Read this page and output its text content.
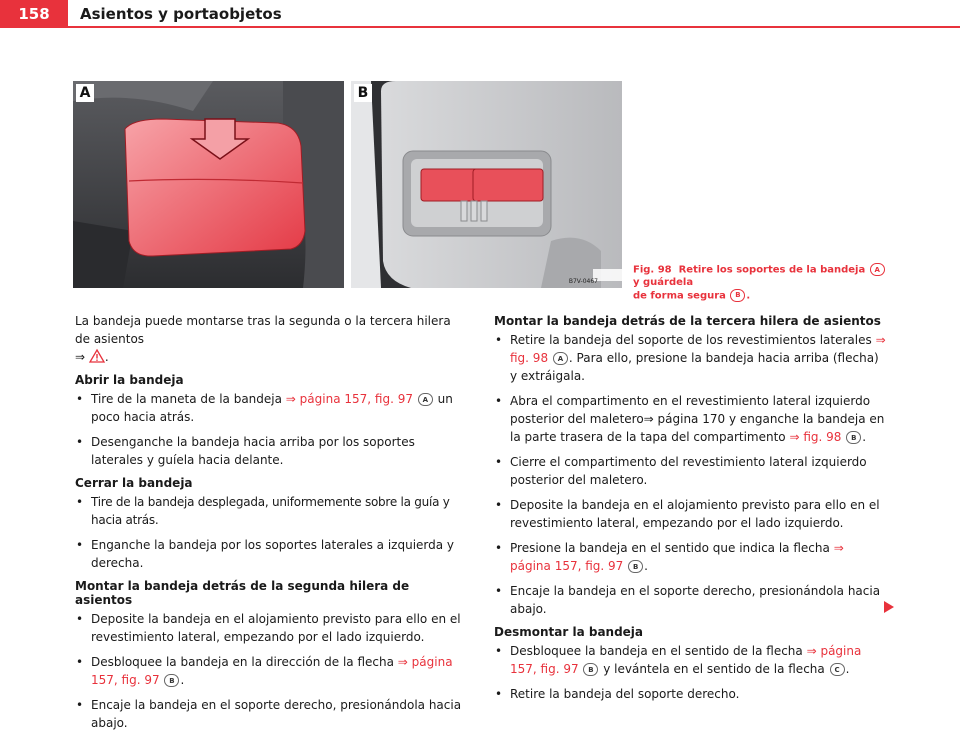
158	Asientos y portaobjetos
A	B
B7V-0467
Fig. 98 Retire los soportes de la bandeja A y guárdela
de forma segura B .

La bandeja puede montarse tras la segunda o la tercera hilera de asientos
⇒ .

Abrir la bandeja

• Tire de la maneta de la bandeja ⇒ página 157, fig. 97 A un poco hacia atrás.

• Desenganche la bandeja hacia arriba por los soportes laterales y guíela hacia delante.

Cerrar la bandeja

• Tire de la bandeja desplegada, uniformemente sobre la guía y hacia atrás.

• Enganche la bandeja por los soportes laterales a izquierda y derecha.

Montar la bandeja detrás de la segunda hilera de asientos

• Deposite la bandeja en el alojamiento previsto para ello en el revestimiento lateral, empezando por el lado izquierdo.

• Desbloquee la bandeja en la dirección de la flecha ⇒ página 157, fig. 97 B .

• Encaje la bandeja en el soporte derecho, presionándola hacia abajo.

Montar la bandeja detrás de la tercera hilera de asientos

• Retire la bandeja del soporte de los revestimientos laterales ⇒ fig. 98 A . Para ello, presione la bandeja hacia arriba (flecha) y extráigala.

• Abra el compartimento en el revestimiento lateral izquierdo posterior del maletero⇒ página 170 y enganche la bandeja en la parte trasera de la tapa del compartimento ⇒ fig. 98 B .

• Cierre el compartimento del revestimiento lateral izquierdo posterior del maletero.

• Deposite la bandeja en el alojamiento previsto para ello en el revestimiento lateral, empezando por el lado izquierdo.

• Presione la bandeja en el sentido que indica la flecha ⇒ página 157, fig. 97 B .

• Encaje la bandeja en el soporte derecho, presionándola hacia abajo.

Desmontar la bandeja

• Desbloquee la bandeja en el sentido de la flecha ⇒ página 157, fig. 97 B y levántela en el sentido de la flecha C .

• Retire la bandeja del soporte derecho.
